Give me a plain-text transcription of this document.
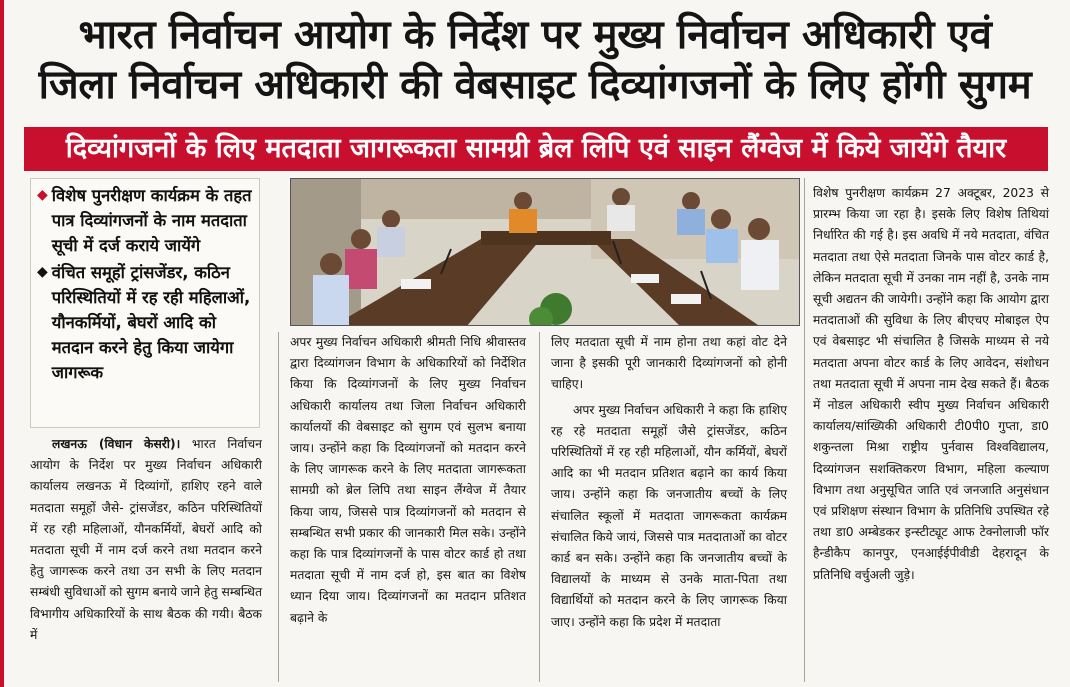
भारत निर्वाचन आयोग के निर्देश पर मुख्य निर्वाचन अधिकारी एवं
जिला निर्वाचन अधिकारी की वेबसाइट दिव्यांगजनों के लिए होंगी सुगम
दिव्यांगजनों के लिए मतदाता जागरूकता सामग्री ब्रेल लिपि एवं साइन लैंग्वेज में किये जायेंगे तैयार
◆ विशेष पुनरीक्षण कार्यक्रम के तहत पात्र दिव्यांगजनों के नाम मतदाता सूची में दर्ज कराये जायेंगे
◆ वंचित समूहों ट्रांसजेंडर, कठिन परिस्थितियों में रह रही महिलाओं, यौनकर्मियों, बेघरों आदि को मतदान करने हेतु किया जायेगा जागरूक
लखनऊ (विधान केसरी)। भारत निर्वाचन आयोग के निर्देश पर मुख्य निर्वाचन अधिकारी कार्यालय लखनऊ में दिव्यांगों, हाशिए रहने वाले मतदाता समूहों जैसे- ट्रांसजेंडर, कठिन परिस्थितियों में रह रही महिलाओं, यौनकर्मियों, बेघरों आदि को मतदाता सूची में नाम दर्ज करने तथा मतदान करने हेतु जागरूक करने तथा उन सभी के लिए मतदान सम्बंधी सुविधाओं को सुगम बनाये जाने हेतु सम्बन्धित विभागीय अधिकारियों के साथ बैठक की गयी। बैठक में
अपर मुख्य निर्वाचन अधिकारी श्रीमती निधि श्रीवास्तव द्वारा दिव्यांगजन विभाग के अधिकारियों को निर्देशित किया कि दिव्यांगजनों के लिए मुख्य निर्वाचन अधिकारी कार्यालय तथा जिला निर्वाचन अधिकारी कार्यालयों की वेबसाइट को सुगम एवं सुलभ बनाया जाय। उन्होंने कहा कि दिव्यांगजनों को मतदान करने के लिए जागरूक करने के लिए मतदाता जागरूकता सामग्री को ब्रेल लिपि तथा साइन लैंग्वेज में तैयार किया जाय, जिससे पात्र दिव्यांगजनों को मतदान से सम्बन्धित सभी प्रकार की जानकारी मिल सके। उन्होंने कहा कि पात्र दिव्यांगजनों के पास वोटर कार्ड हो तथा मतदाता सूची में नाम दर्ज हो, इस बात का विशेष ध्यान दिया जाय। दिव्यांगजनों का मतदान प्रतिशत बढ़ाने के
लिए मतदाता सूची में नाम होना तथा कहां वोट देने जाना है इसकी पूरी जानकारी दिव्यांगजनों को होनी चाहिए।
अपर मुख्य निर्वाचन अधिकारी ने कहा कि हाशिए रह रहे मतदाता समूहों जैसे ट्रांसजेंडर, कठिन परिस्थितियों में रह रही महिलाओं, यौन कर्मियों, बेघरों आदि का भी मतदान प्रतिशत बढ़ाने का कार्य किया जाय। उन्होंने कहा कि जनजातीय बच्चों के लिए संचालित स्कूलों में मतदाता जागरूकता कार्यक्रम संचालित किये जायं, जिससे पात्र मतदाताओं का वोटर कार्ड बन सके। उन्होंने कहा कि जनजातीय बच्चों के विद्यालयों के माध्यम से उनके माता-पिता तथा विद्यार्थियों को मतदान करने के लिए जागरूक किया जाए। उन्होंने कहा कि प्रदेश में मतदाता
विशेष पुनरीक्षण कार्यक्रम 27 अक्टूबर, 2023 से प्रारम्भ किया जा रहा है। इसके लिए विशेष तिथियां निर्धारित की गई है। इस अवधि में नये मतदाता, वंचित मतदाता तथा ऐसे मतदाता जिनके पास वोटर कार्ड है, लेकिन मतदाता सूची में उनका नाम नहीं है, उनके नाम सूची अद्यतन की जायेगी। उन्होंने कहा कि आयोग द्वारा मतदाताओं की सुविधा के लिए बीएचए मोबाइल ऐप एवं वेबसाइट भी संचालित है जिसके माध्यम से नये मतदाता अपना वोटर कार्ड के लिए आवेदन, संशोधन तथा मतदाता सूची में अपना नाम देख सकते हैं। बैठक में नोडल अधिकारी स्वीप मुख्य निर्वाचन अधिकारी कार्यालय/सांख्यिकी अधिकारी टी0पी0 गुप्ता, डा0 शकुन्तला मिश्रा राष्ट्रीय पुर्नवास विश्वविद्यालय, दिव्यांगजन सशक्तिकरण विभाग, महिला कल्याण विभाग तथा अनुसूचित जाति एवं जनजाति अनुसंधान एवं प्रशिक्षण संस्थान विभाग के प्रतिनिधि उपस्थित रहे तथा डा0 अम्बेडकर इन्स्टीट्यूट आफ टेक्नोलाजी फॉर हैन्डीकैप कानपुर, एनआईईपीवीडी देहरादून के प्रतिनिधि वर्चुअली जुड़े।
